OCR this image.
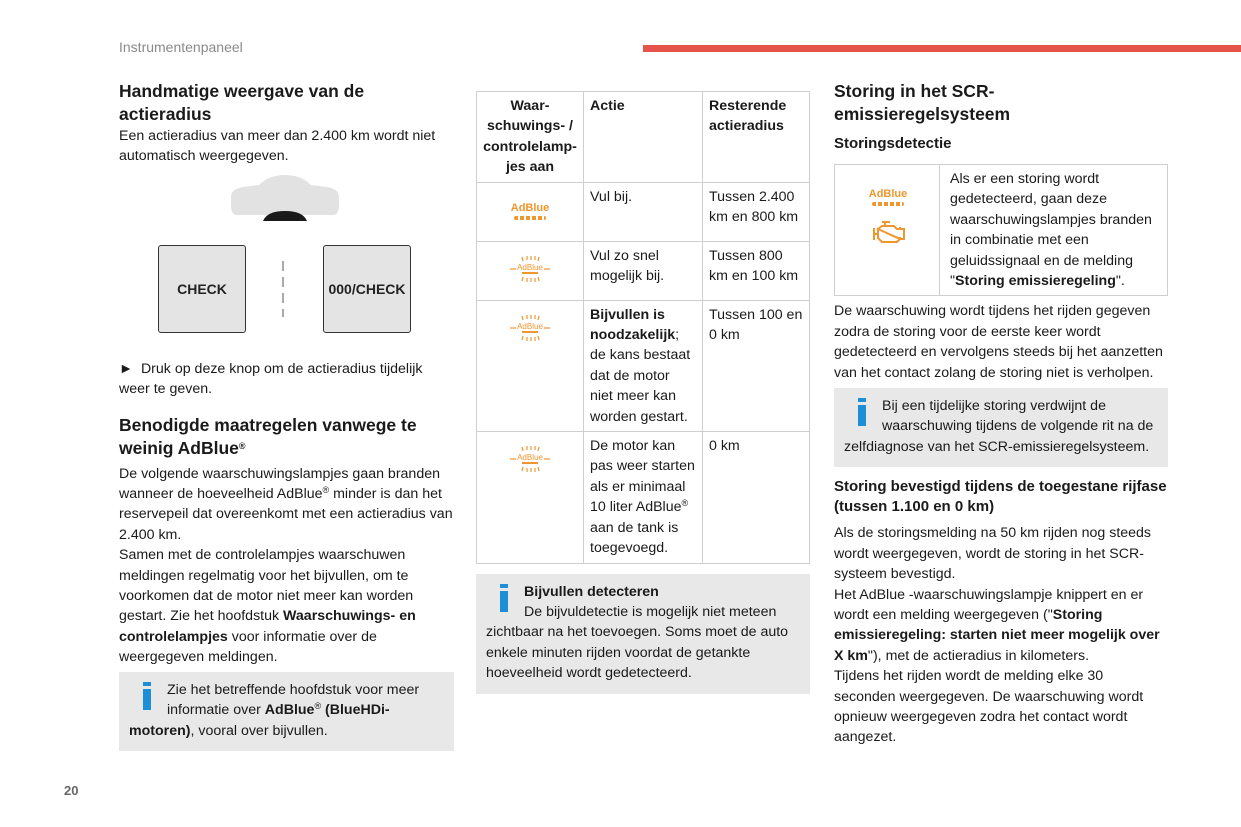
Instrumentenpaneel
20
Handmatige weergave van de actieradius

Een actieradius van meer dan 2.400 km wordt niet automatisch weergegeven.

CHECK	000/CHECK

► Druk op deze knop om de actieradius tijdelijk weer te geven.

Benodigde maatregelen vanwege te weinig AdBlue®

De volgende waarschuwingslampjes gaan branden wanneer de hoeveelheid AdBlue® minder is dan het reservepeil dat overeenkomt met een actieradius van 2.400 km.

Samen met de controlelampjes waarschuwen meldingen regelmatig voor het bijvullen, om te voorkomen dat de motor niet meer kan worden gestart. Zie het hoofdstuk Waarschuwings- en controlelampjes voor informatie over de weergegeven meldingen.

Zie het betreffende hoofdstuk voor meer informatie over AdBlue® (BlueHDi-motoren), vooral over bijvullen.
Waar-schuwings- / controlelamp-jes aan	Actie	Resterende actieradius
AdBlue	Vul bij.	Tussen 2.400 km en 800 km

AdBlue	Vul zo snel mogelijk bij.	Tussen 800 km en 100 km

AdBlue	Bijvullen is noodzakelijk; de kans bestaat dat de motor niet meer kan worden gestart.	Tussen 100 en 0 km

AdBlue	De motor kan pas weer starten als er minimaal 10 liter AdBlue® aan de tank is toegevoegd.	0 km
Bijvullen detecteren
De bijvuldetectie is mogelijk niet meteen zichtbaar na het toevoegen. Soms moet de auto enkele minuten rijden voordat de getankte hoeveelheid wordt gedetecteerd.
Storing in het SCR-emissieregelsysteem
Storingsdetectie
AdBlue
	Als er een storing wordt gedetecteerd, gaan deze waarschuwingslampjes branden in combinatie met een geluidssignaal en de melding "Storing emissieregeling".

De waarschuwing wordt tijdens het rijden gegeven zodra de storing voor de eerste keer wordt gedetecteerd en vervolgens steeds bij het aanzetten van het contact zolang de storing niet is verholpen.

Bij een tijdelijke storing verdwijnt de waarschuwing tijdens de volgende rit na de zelfdiagnose van het SCR-emissieregelsysteem.
Storing bevestigd tijdens de toegestane rijfase (tussen 1.100 en 0 km)

Als de storingsmelding na 50 km rijden nog steeds wordt weergegeven, wordt de storing in het SCR-systeem bevestigd.

Het AdBlue -waarschuwingslampje knippert en er wordt een melding weergegeven ("Storing emissieregeling: starten niet meer mogelijk over X km"), met de actieradius in kilometers.

Tijdens het rijden wordt de melding elke 30 seconden weergegeven. De waarschuwing wordt opnieuw weergegeven zodra het contact wordt aangezet.
